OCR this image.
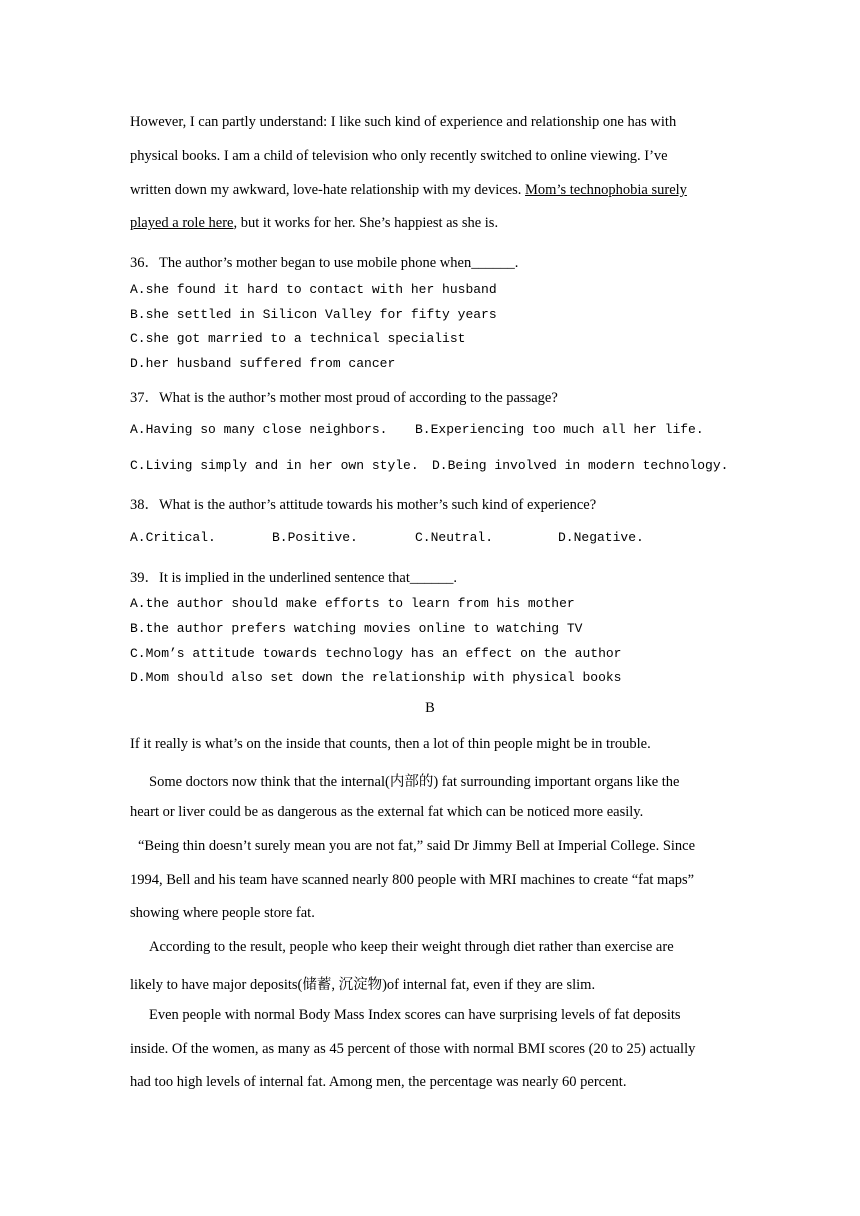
However, I can partly understand: I like such kind of experience and relationship one has with
physical books. I am a child of television who only recently switched to online viewing. I’ve
written down my awkward, love-hate relationship with my devices. Mom’s technophobia surely
played a role here, but it works for her. She’s happiest as she is.
36．The author’s mother began to use mobile phone when______.
A.she found it hard to contact with her husband
B.she settled in Silicon Valley for fifty years
C.she got married to a technical specialist
D.her husband suffered from cancer
37．What is the author’s mother most proud of according to the passage?

A.Having so many close neighbors.

B.Experiencing too much all her life.

C.Living simply and in her own style.

D.Being involved in modern technology.

38．What is the author’s attitude towards his mother’s such kind of experience?

A.Critical.

	B.Positive.

	C.Neutral.

	D.Negative.

39．It is implied in the underlined sentence that______.
A.the author should make efforts to learn from his mother
B.the author prefers watching movies online to watching TV
C.Mom’s attitude towards technology has an effect on the author
D.Mom should also set down the relationship with physical books
B
If it really is what’s on the inside that counts, then a lot of thin people might be in trouble.
Some doctors now think that the internal(内部的) fat surrounding important organs like the
heart or liver could be as dangerous as the external fat which can be noticed more easily.
“Being thin doesn’t surely mean you are not fat,” said Dr Jimmy Bell at Imperial College. Since
1994, Bell and his team have scanned nearly 800 people with MRI machines to create “fat maps”
showing where people store fat.
According to the result, people who keep their weight through diet rather than exercise are
likely to have major deposits(储蓄, 沉淀物)of internal fat, even if they are slim.
Even people with normal Body Mass Index scores can have surprising levels of fat deposits
inside. Of the women, as many as 45 percent of those with normal BMI scores (20 to 25) actually
had too high levels of internal fat. Among men, the percentage was nearly 60 percent.
